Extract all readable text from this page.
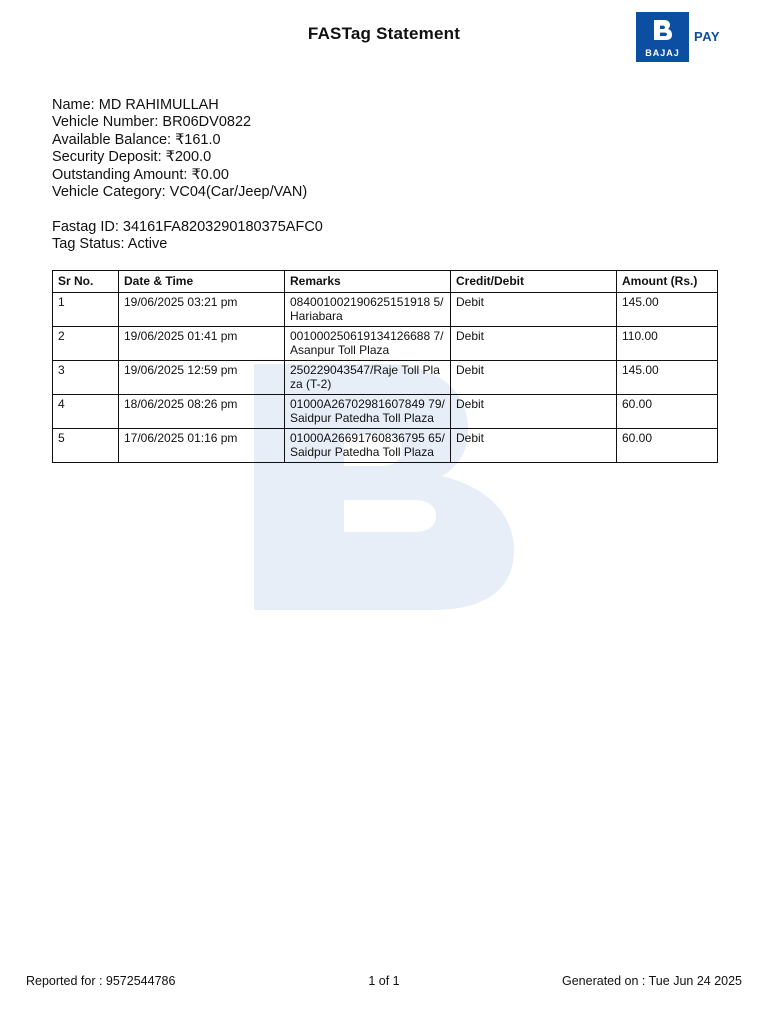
FASTag Statement
BAJAJ
PAY
Name: MD RAHIMULLAH
Vehicle Number: BR06DV0822
Available Balance: ₹161.0
Security Deposit: ₹200.0
Outstanding Amount: ₹0.00
Vehicle Category: VC04(Car/Jeep/VAN)
Fastag ID: 34161FA8203290180375AFC0
Tag Status: Active
Sr No.	Date & Time	Remarks	Credit/Debit	Amount (Rs.)
1	19/06/2025 03:21 pm	084001002190625151918 5/Hariabara	Debit	145.00
2	19/06/2025 01:41 pm	001000250619134126688 7/Asanpur Toll Plaza	Debit	110.00
3	19/06/2025 12:59 pm	250229043547/Raje Toll Plaza (T-2)	Debit	145.00
4	18/06/2025 08:26 pm	01000A26702981607849 79/Saidpur Patedha Toll Plaza	Debit	60.00
5	17/06/2025 01:16 pm	01000A26691760836795 65/Saidpur Patedha Toll Plaza	Debit	60.00
Reported for : 9572544786	1 of 1	Generated on : Tue Jun 24 2025
